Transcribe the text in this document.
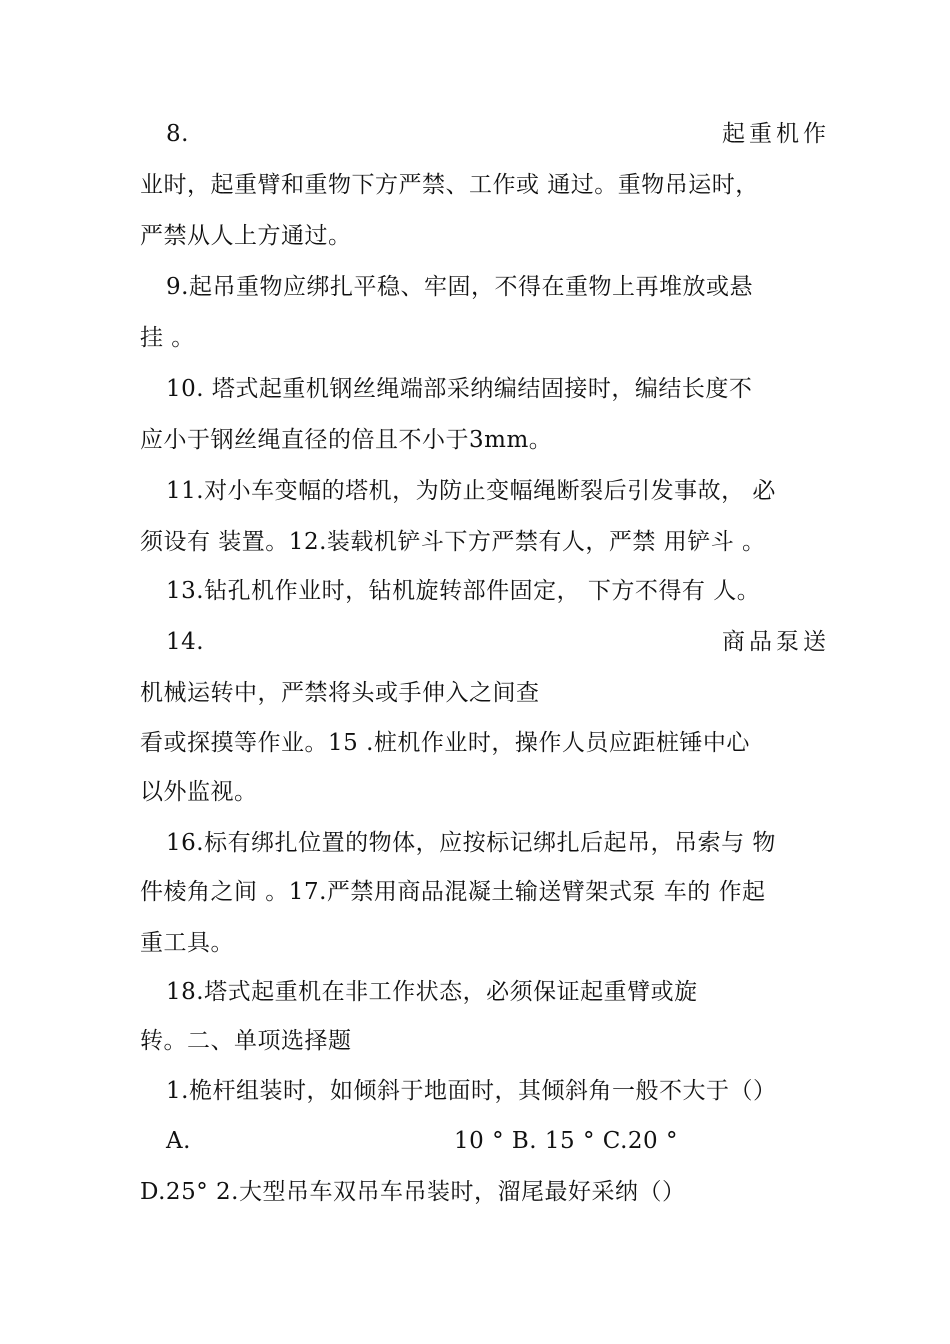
8.	起重机作
业时，起重臂和重物下方严禁、工作或 通过。重物吊运时，
严禁从人上方通过。
9.起吊重物应绑扎平稳、牢固，不得在重物上再堆放或悬
挂 。
10. 塔式起重机钢丝绳端部采纳编结固接时，编结长度不
应小于钢丝绳直径的倍且不小于3mm。
11.对小车变幅的塔机，为防止变幅绳断裂后引发事故， 必
须设有 装置。12.装载机铲斗下方严禁有人，严禁 用铲斗 。
13.钻孔机作业时，钻机旋转部件固定， 下方不得有 人。
14.	商品泵送
机械运转中，严禁将头或手伸入之间查
看或探摸等作业。15 .桩机作业时，操作人员应距桩锤中心
以外监视。
16.标有绑扎位置的物体，应按标记绑扎后起吊，吊索与 物
件棱角之间 。17.严禁用商品混凝土输送臂架式泵 车的 作起
重工具。
18.塔式起重机在非工作状态，必须保证起重臂或旋
转。二、单项选择题
1.桅杆组装时，如倾斜于地面时，其倾斜角一般不大于（）
A.	10 ° B. 15 ° C.20 °
D.25° 2.大型吊车双吊车吊装时，溜尾最好采纳（）
